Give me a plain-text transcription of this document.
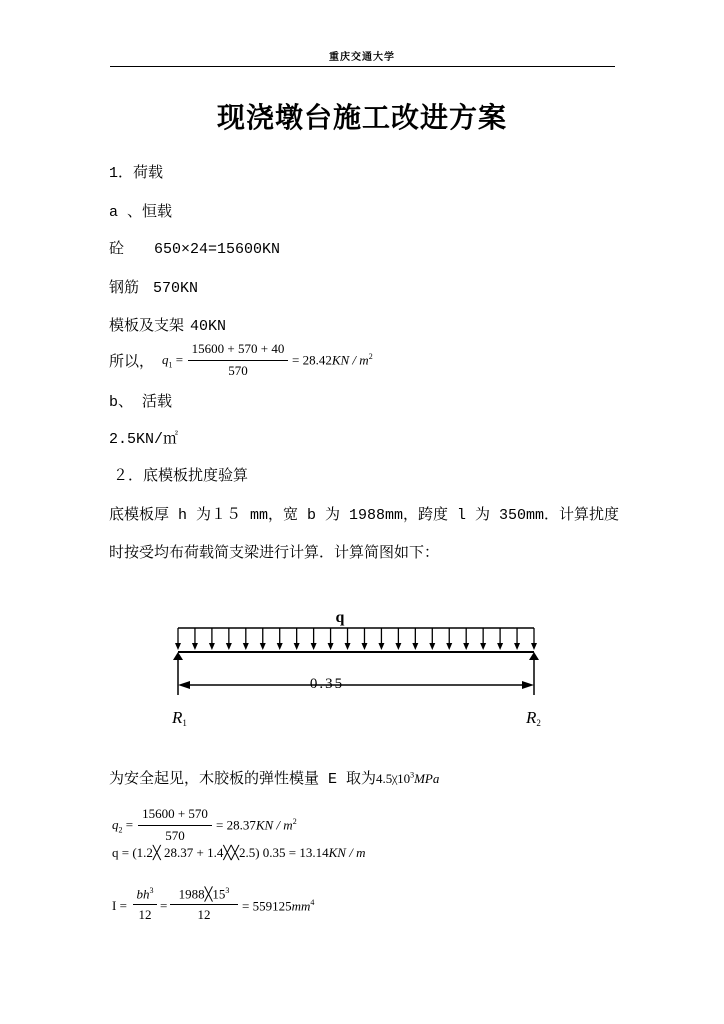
重庆交通大学
现浇墩台施工改进方案
1．荷载
a 、恒载
砼 650×24=15600KN
钢筋 570KN
模板及支架 40KN
所以， $q_1$ =
15600 + 570 + 40
570
= $28.42KN / m^2$
b、 活载
2.5KN/㎡
２．底模板扰度验算
底模板厚 h 为１５ mm，宽 b 为 1988mm，跨度 l 为 350mm．计算扰度
时按受均布荷载简支梁进行计算．计算简图如下：
q
0.35
R1	R2
为安全起见，木胶板的弹性模量 E 取为$4.5╳10^3MPa$
$q_2$ =
15600 + 570
570
= $28.37KN / m^2$
q = (1.2╳ 28.37 + 1.4╳╳2.5) 0.35 = 13.14KN / m
I =
$bh^3$
12
=
$1988╳15^3$
12
= $559125mm^4$
